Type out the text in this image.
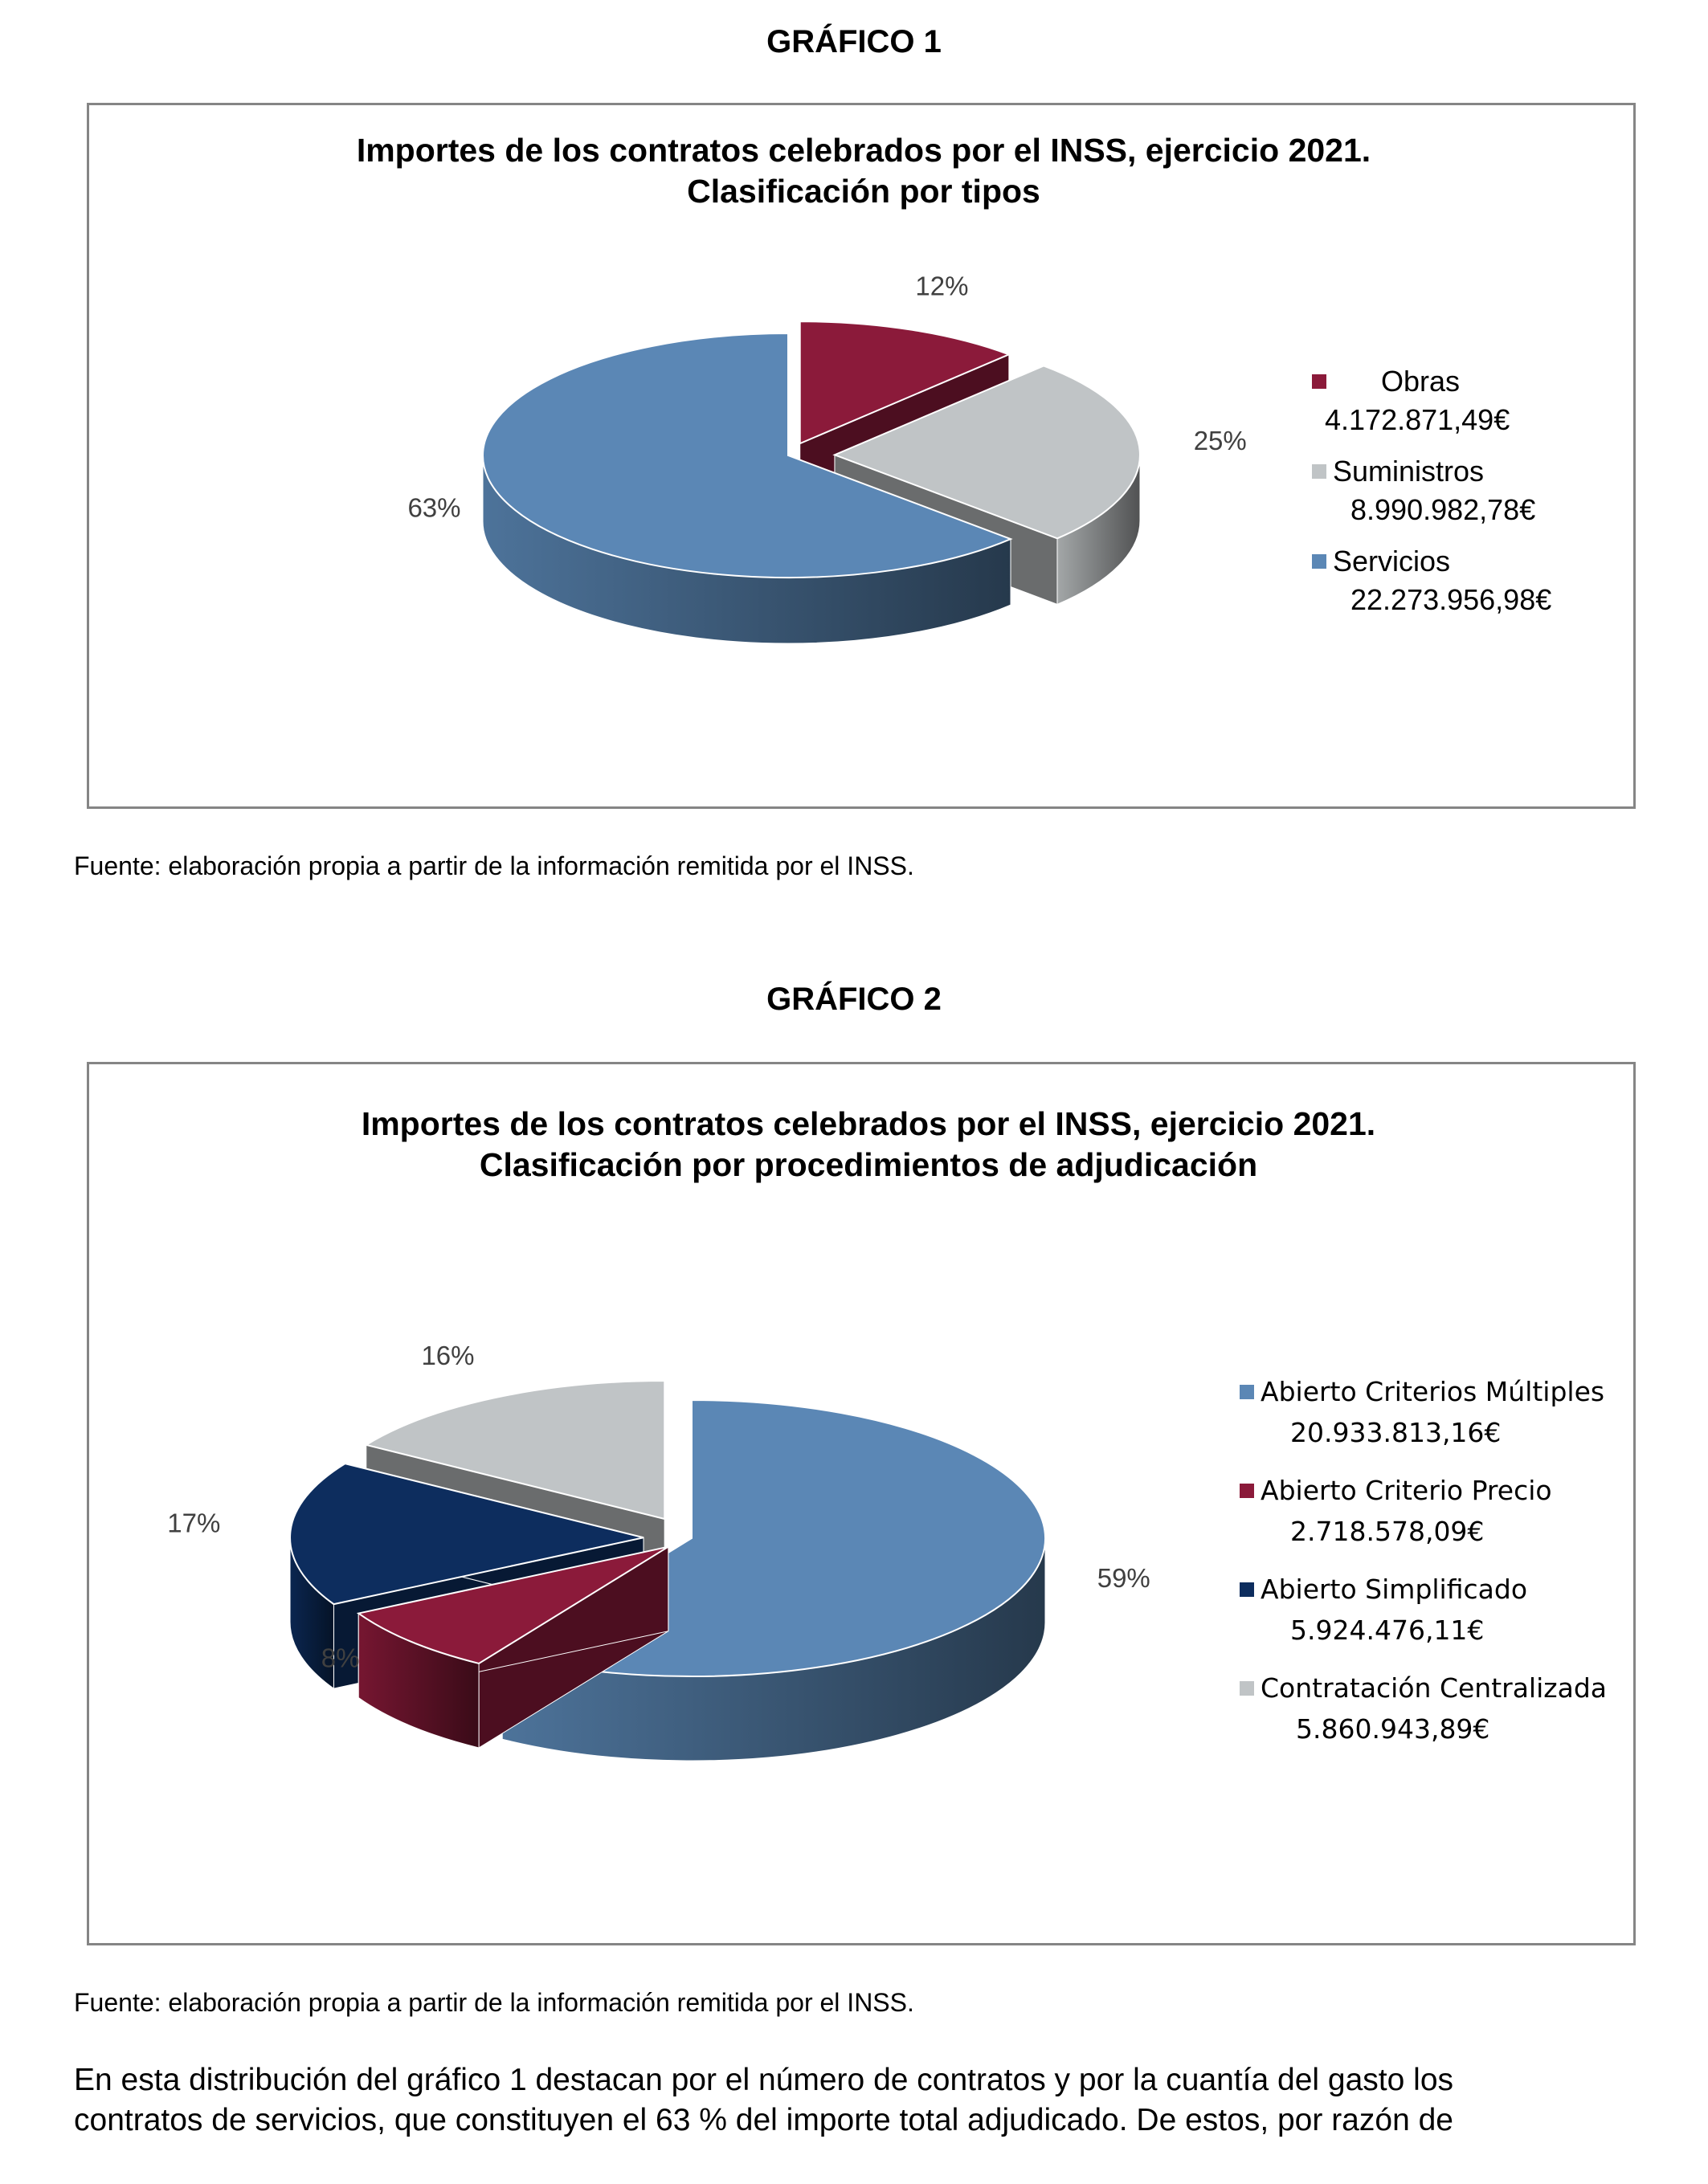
GRÁFICO 1
Importes de los contratos celebrados por el INSS, ejercicio 2021.
Clasificación por tipos
12%
25%
63%
Obras
4.172.871,49€
Suministros
8.990.982,78€
Servicios
22.273.956,98€
Fuente: elaboración propia a partir de la información remitida por el INSS.
GRÁFICO 2
Importes de los contratos celebrados por el INSS, ejercicio 2021.
Clasificación por procedimientos de adjudicación
59%
8%
17%
16%
Abierto Criterios Múltiples
20.933.813,16€
Abierto Criterio Precio
2.718.578,09€
Abierto Simplificado
5.924.476,11€
Contratación Centralizada
5.860.943,89€
Fuente: elaboración propia a partir de la información remitida por el INSS.
En esta distribución del gráfico 1 destacan por el número de contratos y por la cuantía del gasto los
contratos de servicios, que constituyen el 63 % del importe total adjudicado. De estos, por razón de
